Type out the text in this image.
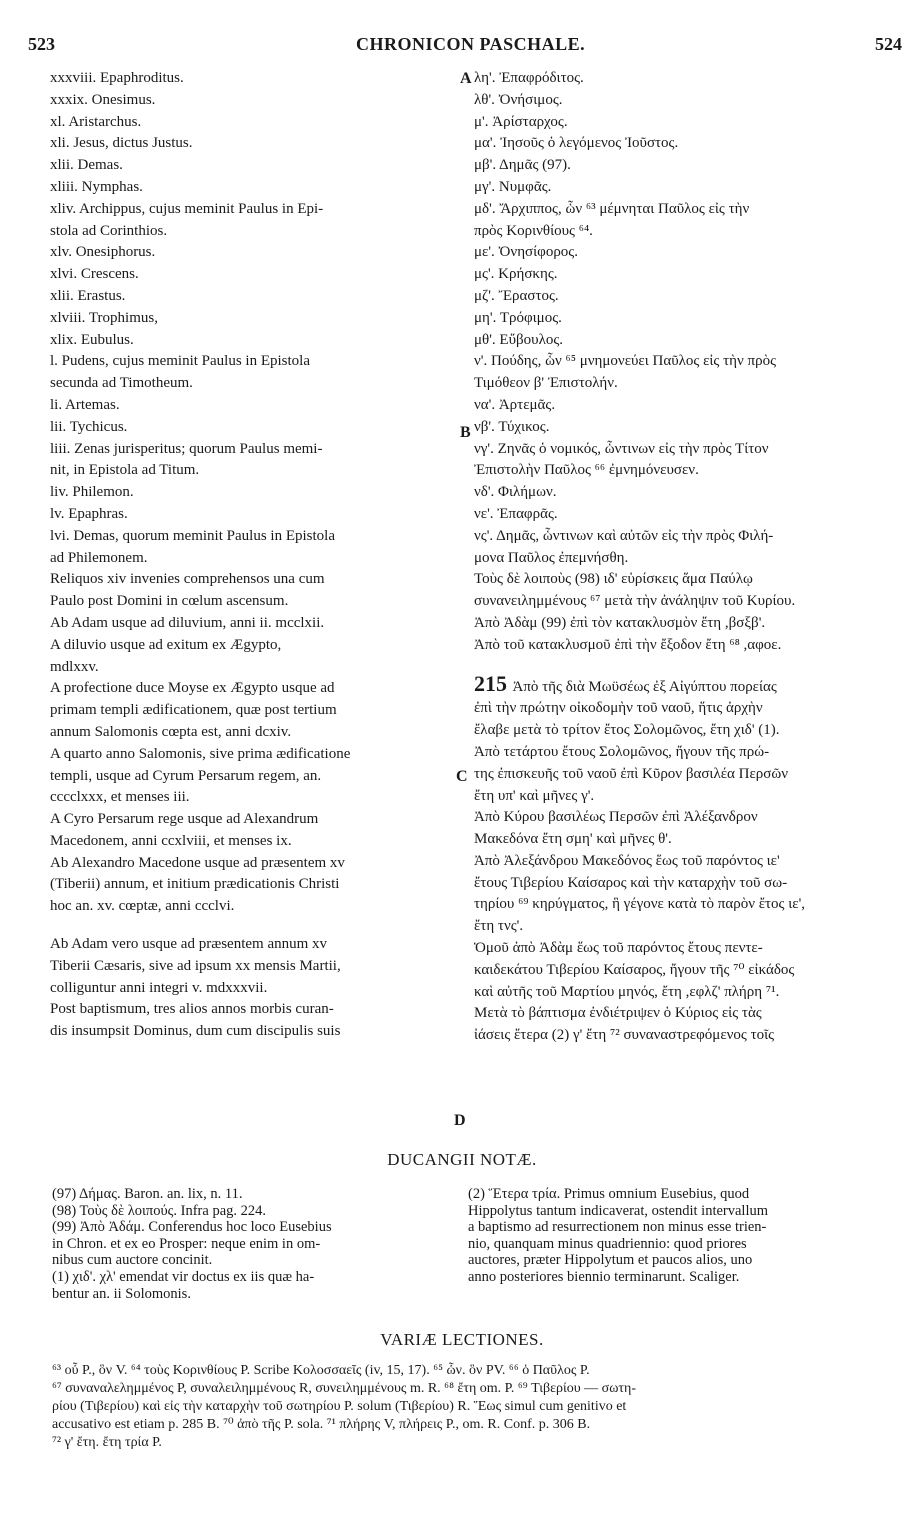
523	CHRONICON PASCHALE.	524
A
B
C
D
xxxviii. Epaphroditus.
xxxix. Onesimus.
xl. Aristarchus.
xli. Jesus, dictus Justus.
xlii. Demas.
xliii. Nymphas.
xliv. Archippus, cujus meminit Paulus in Epi-
stola ad Corinthios.
xlv. Onesiphorus.
xlvi. Crescens.
xlii. Erastus.
xlviii. Trophimus,
xlix. Eubulus.
l. Pudens, cujus meminit Paulus in Epistola
secunda ad Timotheum.
li. Artemas.
lii. Tychicus.
liii. Zenas jurisperitus; quorum Paulus memi-
nit, in Epistola ad Titum.
liv. Philemon.
lv. Epaphras.
lvi. Demas, quorum meminit Paulus in Epistola
ad Philemonem.
Reliquos xiv invenies comprehensos una cum
Paulo post Domini in cœlum ascensum.
Ab Adam usque ad diluvium, anni ii. mcclxii.
A diluvio usque ad exitum ex Ægypto,
mdlxxv.
A profectione duce Moyse ex Ægypto usque ad
primam templi ædificationem, quæ post tertium
annum Salomonis cœpta est, anni dcxiv.
A quarto anno Salomonis, sive prima ædificatione
templi, usque ad Cyrum Persarum regem, an.
cccclxxx, et menses iii.
A Cyro Persarum rege usque ad Alexandrum
Macedonem, anni ccxlviii, et menses ix.
Ab Alexandro Macedone usque ad præsentem xv
(Tiberii) annum, et initium prædicationis Christi
hoc an. xv. cœptæ, anni ccclvi.
Ab Adam vero usque ad præsentem annum xv
Tiberii Cæsaris, sive ad ipsum xx mensis Martii,
colliguntur anni integri v. mdxxxvii.
Post baptismum, tres alios annos morbis curan-
dis insumpsit Dominus, dum cum discipulis suis
λη'. Ἐπαφρόδιτος.
λθ'. Ὀνήσιμος.
μ'. Ἀρίσταρχος.
μα'. Ἰησοῦς ὁ λεγόμενος Ἰοῦστος.
μβ'. Δημᾶς (97).
μγ'. Νυμφᾶς.
μδ'. Ἄρχιππος, ὧν ⁶³ μέμνηται Παῦλος εἰς τὴν
πρὸς Κορινθίους ⁶⁴.
με'. Ὀνησίφορος.
μς'. Κρήσκης.
μζ'. Ἔραστος.
μη'. Τρόφιμος.
μθ'. Εὔβουλος.
ν'. Πούδης, ὧν ⁶⁵ μνημονεύει Παῦλος εἰς τὴν πρὸς
Τιμόθεον β' Ἐπιστολήν.
να'. Ἀρτεμᾶς.
νβ'. Τύχικος.
νγ'. Ζηνᾶς ὁ νομικός, ὧντινων εἰς τὴν πρὸς Τίτον
Ἐπιστολὴν Παῦλος ⁶⁶ ἐμνημόνευσεν.
νδ'. Φιλήμων.
νε'. Ἐπαφρᾶς.
νς'. Δημᾶς, ὧντινων καὶ αὐτῶν εἰς τὴν πρὸς Φιλή-
μονα Παῦλος ἐπεμνήσθη.
Τοὺς δὲ λοιποὺς (98) ιδ' εὑρίσκεις ἅμα Παύλῳ
συνανειλημμένους ⁶⁷ μετὰ τὴν ἀνάληψιν τοῦ Κυρίου.
Ἀπὸ Ἀδὰμ (99) ἐπὶ τὸν κατακλυσμὸν ἔτη ,βσξβ'.
Ἀπὸ τοῦ κατακλυσμοῦ ἐπὶ τὴν ἔξοδον ἔτη ⁶⁸ ,αφοε.
215 Ἀπὸ τῆς διὰ Μωϋσέως ἐξ Αἰγύπτου πορείας
ἐπὶ τὴν πρώτην οἰκοδομὴν τοῦ ναοῦ, ἥτις ἀρχὴν
ἔλαβε μετὰ τὸ τρίτον ἔτος Σολομῶνος, ἔτη χιδ' (1).
Ἀπὸ τετάρτου ἔτους Σολομῶνος, ἤγουν τῆς πρώ-
της ἐπισκευῆς τοῦ ναοῦ ἐπὶ Κῦρον βασιλέα Περσῶν
ἔτη υπ' καὶ μῆνες γ'.
Ἀπὸ Κύρου βασιλέως Περσῶν ἐπὶ Ἀλέξανδρον
Μακεδόνα ἔτη σμη' καὶ μῆνες θ'.
Ἀπὸ Ἀλεξάνδρου Μακεδόνος ἕως τοῦ παρόντος ιε'
ἔτους Τιβερίου Καίσαρος καὶ τὴν καταρχὴν τοῦ σω-
τηρίου ⁶⁹ κηρύγματος, ἣ γέγονε κατὰ τὸ παρὸν ἔτος ιε',
ἔτη τνς'.
Ὁμοῦ ἀπὸ Ἀδὰμ ἕως τοῦ παρόντος ἔτους πεντε-
καιδεκάτου Τιβερίου Καίσαρος, ἤγουν τῆς ⁷⁰ εἰκάδος
καὶ αὐτῆς τοῦ Μαρτίου μηνός, ἔτη ,εφλζ' πλήρη ⁷¹.
Μετὰ τὸ βάπτισμα ἐνδιέτριψεν ὁ Κύριος εἰς τὰς
ἰάσεις ἕτερα (2) γ' ἔτη ⁷² συναναστρεφόμενος τοῖς
DUCANGII NOTÆ.
(97) Δήμας. Baron. an. lix, n. 11.
(98) Τοὺς δὲ λοιπούς. Infra pag. 224.
(99) Ἀπὸ Ἀδάμ. Conferendus hoc loco Eusebius
in Chron. et ex eo Prosper: neque enim in om-
nibus cum auctore concinit.
(1) χιδ'. χλ' emendat vir doctus ex iis quæ ha-
bentur an. ii Solomonis.
(2) Ἕτερα τρία. Primus omnium Eusebius, quod
Hippolytus tantum indicaverat, ostendit intervallum
a baptismo ad resurrectionem non minus esse trien-
nio, quanquam minus quadriennio: quod priores
auctores, præter Hippolytum et paucos alios, uno
anno posteriores biennio terminarunt. Scaliger.
VARIÆ LECTIONES.
⁶³ οὗ P., ὃν V. ⁶⁴ τοὺς Κορινθίους P. Scribe Κολοσσαεῖς (iv, 15, 17). ⁶⁵ ὧν. ὃν PV. ⁶⁶ ὁ Παῦλος P.
⁶⁷ συναναλελημμένος P, συναλειλημμένους R, συνειλημμένους m. R. ⁶⁸ ἔτη om. P. ⁶⁹ Τιβερίου — σωτη-
ρίου (Τιβερίου) καὶ εἰς τὴν καταρχὴν τοῦ σωτηρίου P. solum (Τιβερίου) R. Ἕως simul cum genitivo et
accusativo est etiam p. 285 B. ⁷⁰ ἀπὸ τῆς P. sola. ⁷¹ πλήρης V, πλήρεις P., om. R. Conf. p. 306 B.
⁷² γ' ἔτη. ἔτη τρία P.
